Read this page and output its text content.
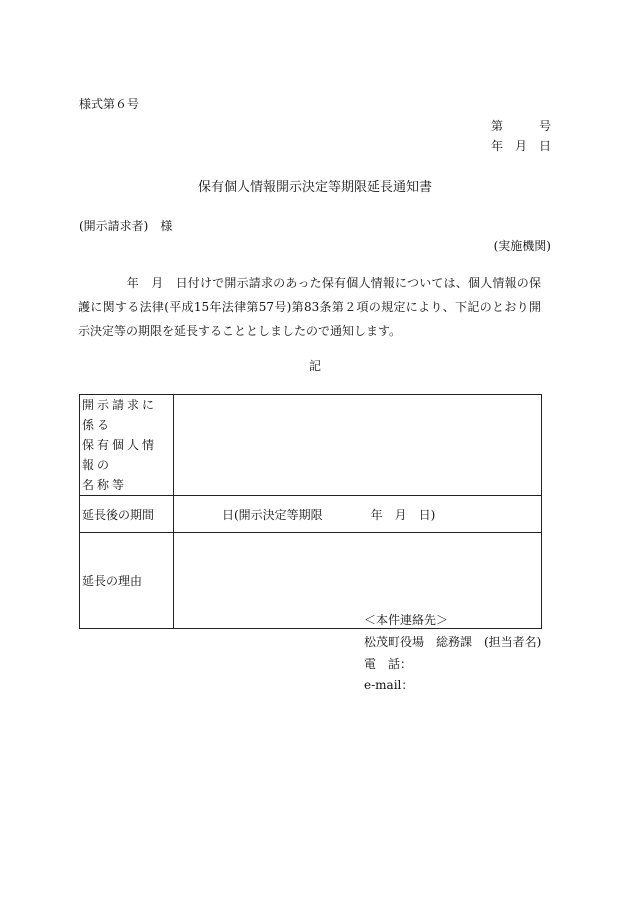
様式第６号
第　　　号
年　月　日
保有個人情報開示決定等期限延長通知書
(開示請求者)　様
(実施機関)
　　　　年　月　日付けで開示請求のあった保有個人情報については、個人情報の保護に関する法律(平成15年法律第57号)第83条第２項の規定により、下記のとおり開示決定等の期限を延長することとしましたので通知します。
記
開示請求に係る
保有個人情報の
名称等	

延長後の期間	日(開示決定等期限　　　　年　月　日)
延長の理由	
＜本件連絡先＞
松茂町役場　総務課　(担当者名)
電　話：
e-mail：
